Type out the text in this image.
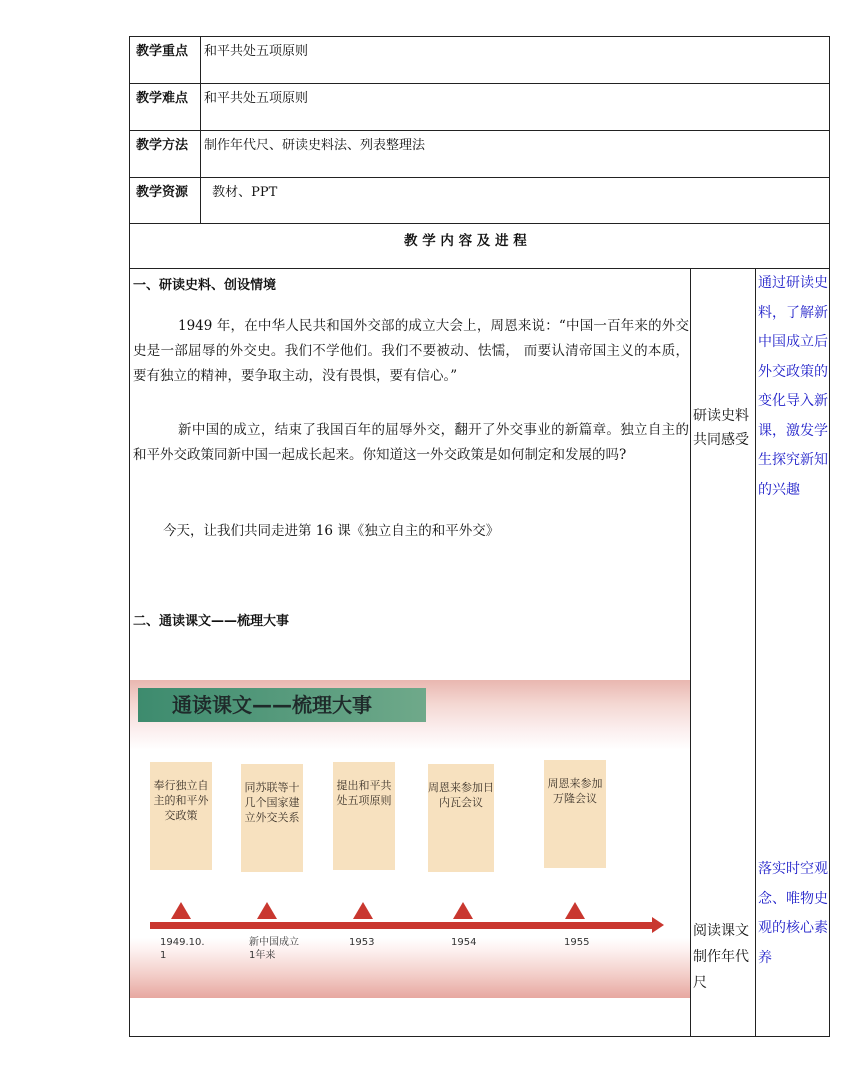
教学重点 和平共处五项原则
教学难点 和平共处五项原则
教学方法 制作年代尺、研读史料法、列表整理法
教学资源 教材、PPT
教 学 内 容 及 进 程
一、研读史料、创设情境
1949 年，在中华人民共和国外交部的成立大会上，周恩来说：“中国一百年来的外交史是一部屈辱的外交史。我们不学他们。我们不要被动、怯懦， 而要认清帝国主义的本质，要有独立的精神，要争取主动，没有畏惧，要有信心。”
新中国的成立，结束了我国百年的屈辱外交，翻开了外交事业的新篇章。独立自主的和平外交政策同新中国一起成长起来。你知道这一外交政策是如何制定和发展的吗?
今天，让我们共同走进第 16 课《独立自主的和平外交》
二、通读课文——梳理大事
通读课文——梳理大事
奉行独立自主的和平外交政策
同苏联等十几个国家建立外交关系
提出和平共处五项原则
周恩来参加日内瓦会议
周恩来参加万隆会议
1949.10.1
新中国成立1年来
1953	1954	1955
研读史料共同感受
阅读课文制作年代尺
通过研读史料，了解新中国成立后外交政策的变化导入新课，激发学生探究新知的兴趣
落实时空观念、唯物史观的核心素养
